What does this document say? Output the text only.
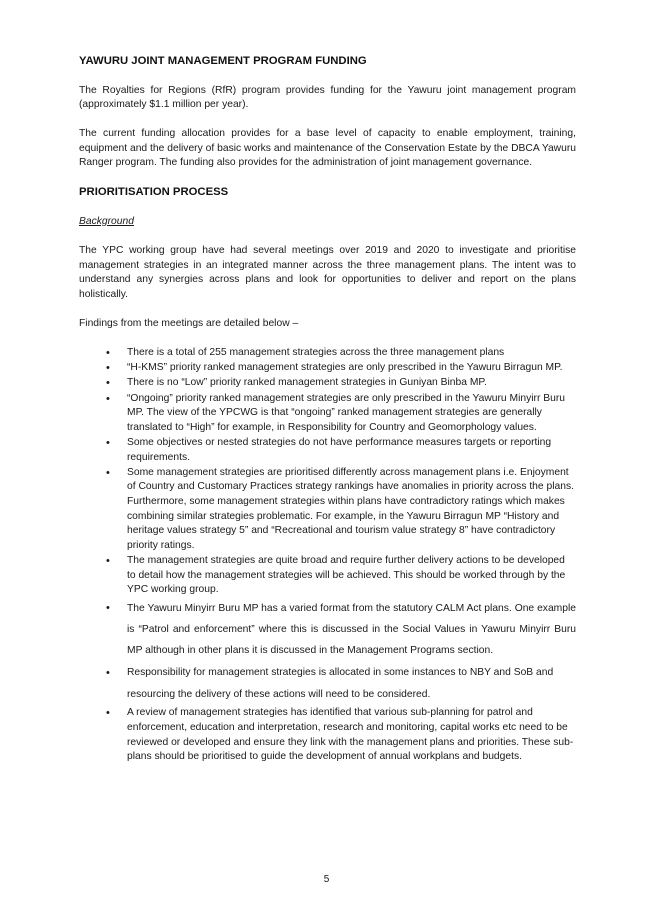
YAWURU JOINT MANAGEMENT PROGRAM FUNDING

The Royalties for Regions (RfR) program provides funding for the Yawuru joint management program (approximately $1.1 million per year).

The current funding allocation provides for a base level of capacity to enable employment, training, equipment and the delivery of basic works and maintenance of the Conservation Estate by the DBCA Yawuru Ranger program. The funding also provides for the administration of joint management governance.

PRIORITISATION PROCESS

Background

The YPC working group have had several meetings over 2019 and 2020 to investigate and prioritise management strategies in an integrated manner across the three management plans. The intent was to understand any synergies across plans and look for opportunities to deliver and report on the plans holistically.

Findings from the meetings are detailed below –

• There is a total of 255 management strategies across the three management plans
• “H-KMS” priority ranked management strategies are only prescribed in the Yawuru Birragun MP.
• There is no “Low” priority ranked management strategies in Guniyan Binba MP.
• “Ongoing” priority ranked management strategies are only prescribed in the Yawuru Minyirr Buru MP. The view of the YPCWG is that “ongoing” ranked management strategies are generally translated to “High” for example, in Responsibility for Country and Geomorphology values.
• Some objectives or nested strategies do not have performance measures targets or reporting requirements.
• Some management strategies are prioritised differently across management plans i.e. Enjoyment of Country and Customary Practices strategy rankings have anomalies in priority across the plans. Furthermore, some management strategies within plans have contradictory ratings which makes combining similar strategies problematic. For example, in the Yawuru Birragun MP “History and heritage values strategy 5” and “Recreational and tourism value strategy 8” have contradictory priority ratings.
• The management strategies are quite broad and require further delivery actions to be developed to detail how the management strategies will be achieved. This should be worked through by the YPC working group.
• The Yawuru Minyirr Buru MP has a varied format from the statutory CALM Act plans. One example is “Patrol and enforcement” where this is discussed in the Social Values in Yawuru Minyirr Buru MP although in other plans it is discussed in the Management Programs section.
• Responsibility for management strategies is allocated in some instances to NBY and SoB and resourcing the delivery of these actions will need to be considered.
• A review of management strategies has identified that various sub-planning for patrol and enforcement, education and interpretation, research and monitoring, capital works etc need to be reviewed or developed and ensure they link with the management plans and priorities. These sub-plans should be prioritised to guide the development of annual workplans and budgets.
5
